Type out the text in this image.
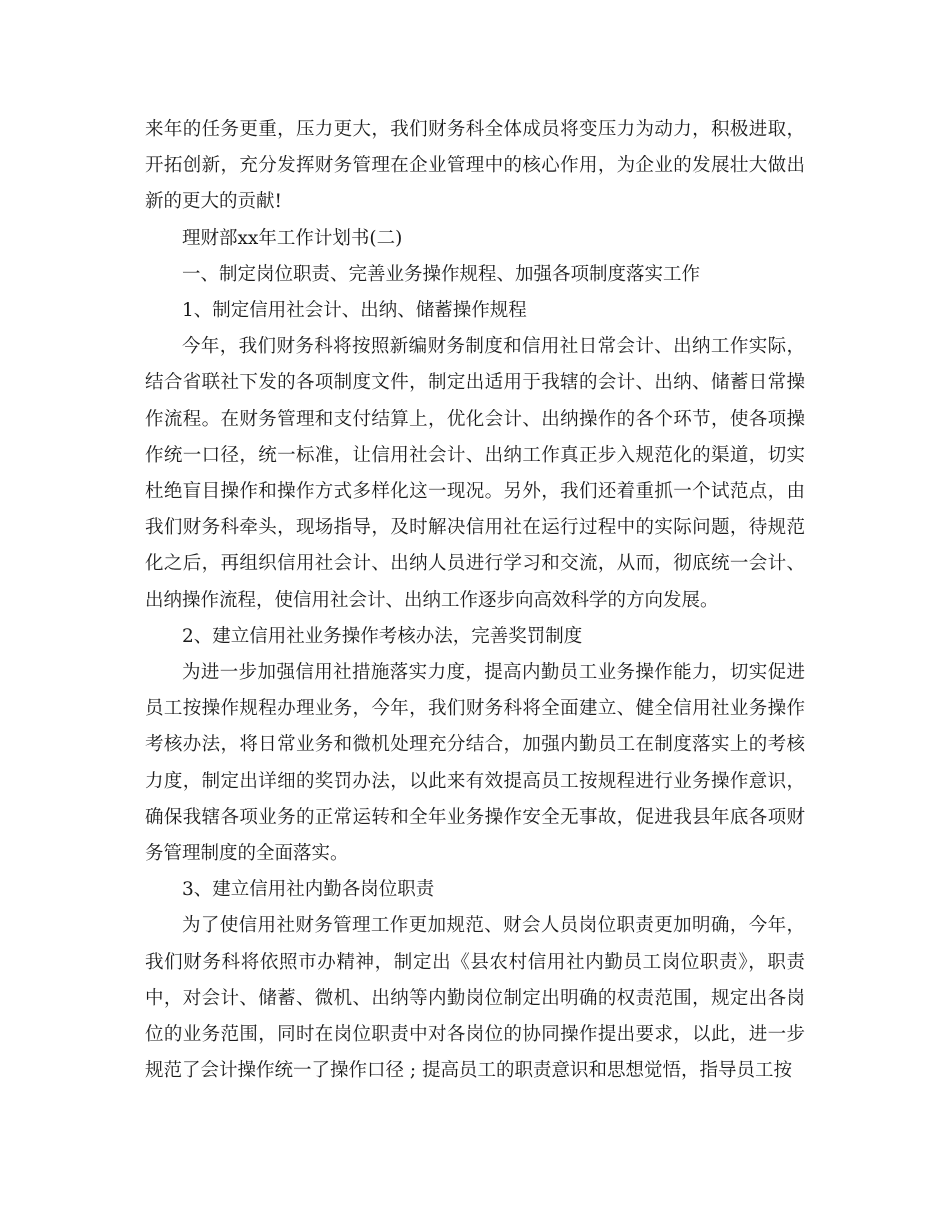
来年的任务更重，压力更大，我们财务科全体成员将变压力为动力，积极进取，开拓创新，充分发挥财务管理在企业管理中的核心作用，为企业的发展壮大做出新的更大的贡献!

理财部xx年工作计划书(二)

一、制定岗位职责、完善业务操作规程、加强各项制度落实工作

1、制定信用社会计、出纳、储蓄操作规程

今年，我们财务科将按照新编财务制度和信用社日常会计、出纳工作实际，结合省联社下发的各项制度文件，制定出适用于我辖的会计、出纳、储蓄日常操作流程。在财务管理和支付结算上，优化会计、出纳操作的各个环节，使各项操作统一口径，统一标准，让信用社会计、出纳工作真正步入规范化的渠道，切实杜绝盲目操作和操作方式多样化这一现况。另外，我们还着重抓一个试范点，由我们财务科牵头，现场指导，及时解决信用社在运行过程中的实际问题，待规范化之后，再组织信用社会计、出纳人员进行学习和交流，从而，彻底统一会计、出纳操作流程，使信用社会计、出纳工作逐步向高效科学的方向发展。

2、建立信用社业务操作考核办法，完善奖罚制度

为进一步加强信用社措施落实力度，提高内勤员工业务操作能力，切实促进员工按操作规程办理业务，今年，我们财务科将全面建立、健全信用社业务操作考核办法，将日常业务和微机处理充分结合，加强内勤员工在制度落实上的考核力度，制定出详细的奖罚办法，以此来有效提高员工按规程进行业务操作意识，确保我辖各项业务的正常运转和全年业务操作安全无事故，促进我县年底各项财务管理制度的全面落实。

3、建立信用社内勤各岗位职责

为了使信用社财务管理工作更加规范、财会人员岗位职责更加明确，今年，我们财务科将依照市办精神，制定出《县农村信用社内勤员工岗位职责》，职责中，对会计、储蓄、微机、出纳等内勤岗位制定出明确的权责范围，规定出各岗位的业务范围，同时在岗位职责中对各岗位的协同操作提出要求，以此，进一步规范了会计操作统一了操作口径 ; 提高员工的职责意识和思想觉悟，指导员工按
